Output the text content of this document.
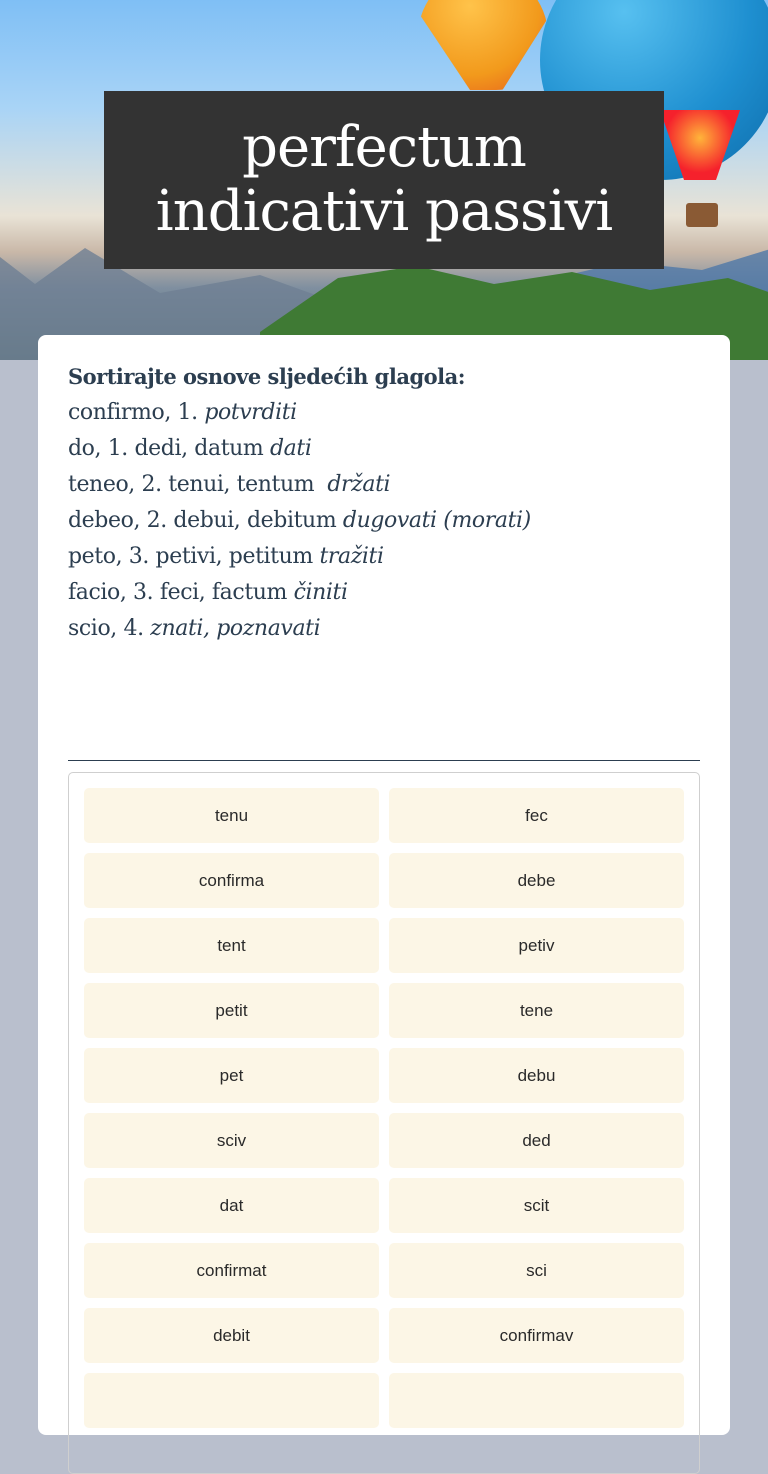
perfectum
indicativi passivi
Sortirajte osnove sljedećih glagola:
confirmo, 1. potvrditi
do, 1. dedi, datum dati
teneo, 2. tenui, tentum  držati
debeo, 2. debui, debitum dugovati (morati)
peto, 3. petivi, petitum tražiti
facio, 3. feci, factum činiti
scio, 4. znati, poznavati
tenu	fec
confirma	debe
tent	petiv
petit	tene
pet	debu
sciv	ded
dat	scit
confirmat	sci
debit	confirmav
